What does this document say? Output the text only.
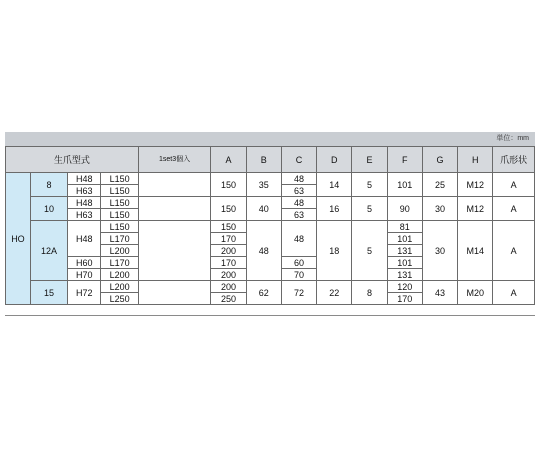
単位：mm
生爪型式				1set3個入	A	B	C	D	E	F	G	H	爪形状
HO	8	H48	L150		150	35	48	14	5	101	25	M12	A
		H63	L150				63						
	10	H48	L150		150	40	48	16	5	90	30	M12	A
		H63	L150				63						
	12A	H48	L150		150	48	48	18	5	81	30	M14	A
			L170		170					101			
			L200		200					131			
		H60	L170		170		60			101			
		H70	L200		200		70			131			
	15	H72	L200		200	62	72	22	8	120	43	M20	A
			L250		250					170			
